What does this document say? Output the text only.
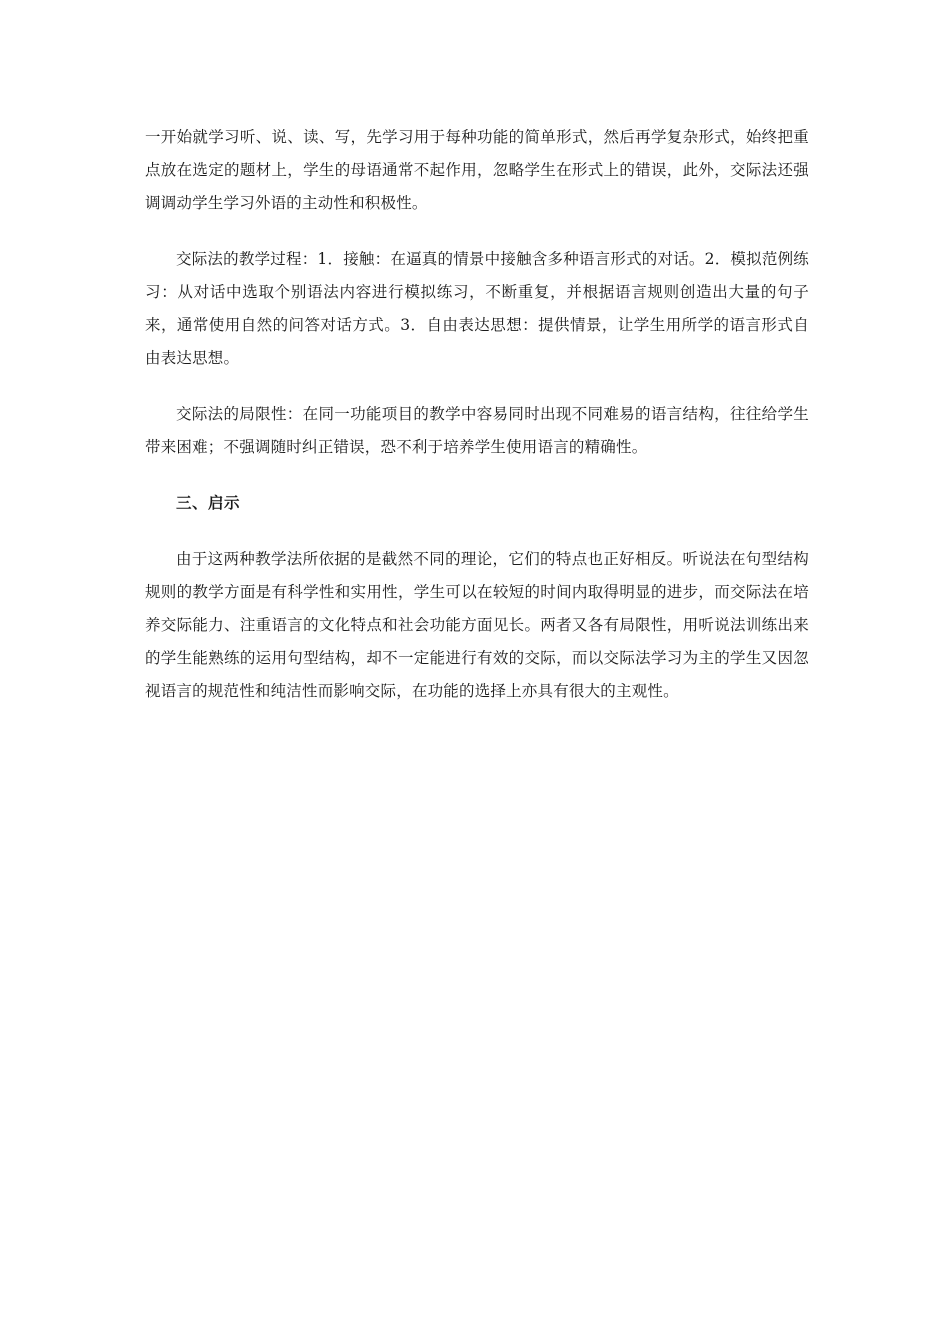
一开始就学习听、说、读、写，先学习用于每种功能的简单形式，然后再学复杂形式，始终把重点放在选定的题材上，学生的母语通常不起作用，忽略学生在形式上的错误，此外，交际法还强调调动学生学习外语的主动性和积极性。

交际法的教学过程：1．接触：在逼真的情景中接触含多种语言形式的对话。2．模拟范例练习：从对话中选取个别语法内容进行模拟练习，不断重复，并根据语言规则创造出大量的句子来，通常使用自然的问答对话方式。3．自由表达思想：提供情景，让学生用所学的语言形式自由表达思想。

交际法的局限性：在同一功能项目的教学中容易同时出现不同难易的语言结构，往往给学生带来困难；不强调随时纠正错误，恐不利于培养学生使用语言的精确性。

三、启示

由于这两种教学法所依据的是截然不同的理论，它们的特点也正好相反。听说法在句型结构规则的教学方面是有科学性和实用性，学生可以在较短的时间内取得明显的进步，而交际法在培养交际能力、注重语言的文化特点和社会功能方面见长。两者又各有局限性，用听说法训练出来的学生能熟练的运用句型结构，却不一定能进行有效的交际，而以交际法学习为主的学生又因忽视语言的规范性和纯洁性而影响交际，在功能的选择上亦具有很大的主观性。
